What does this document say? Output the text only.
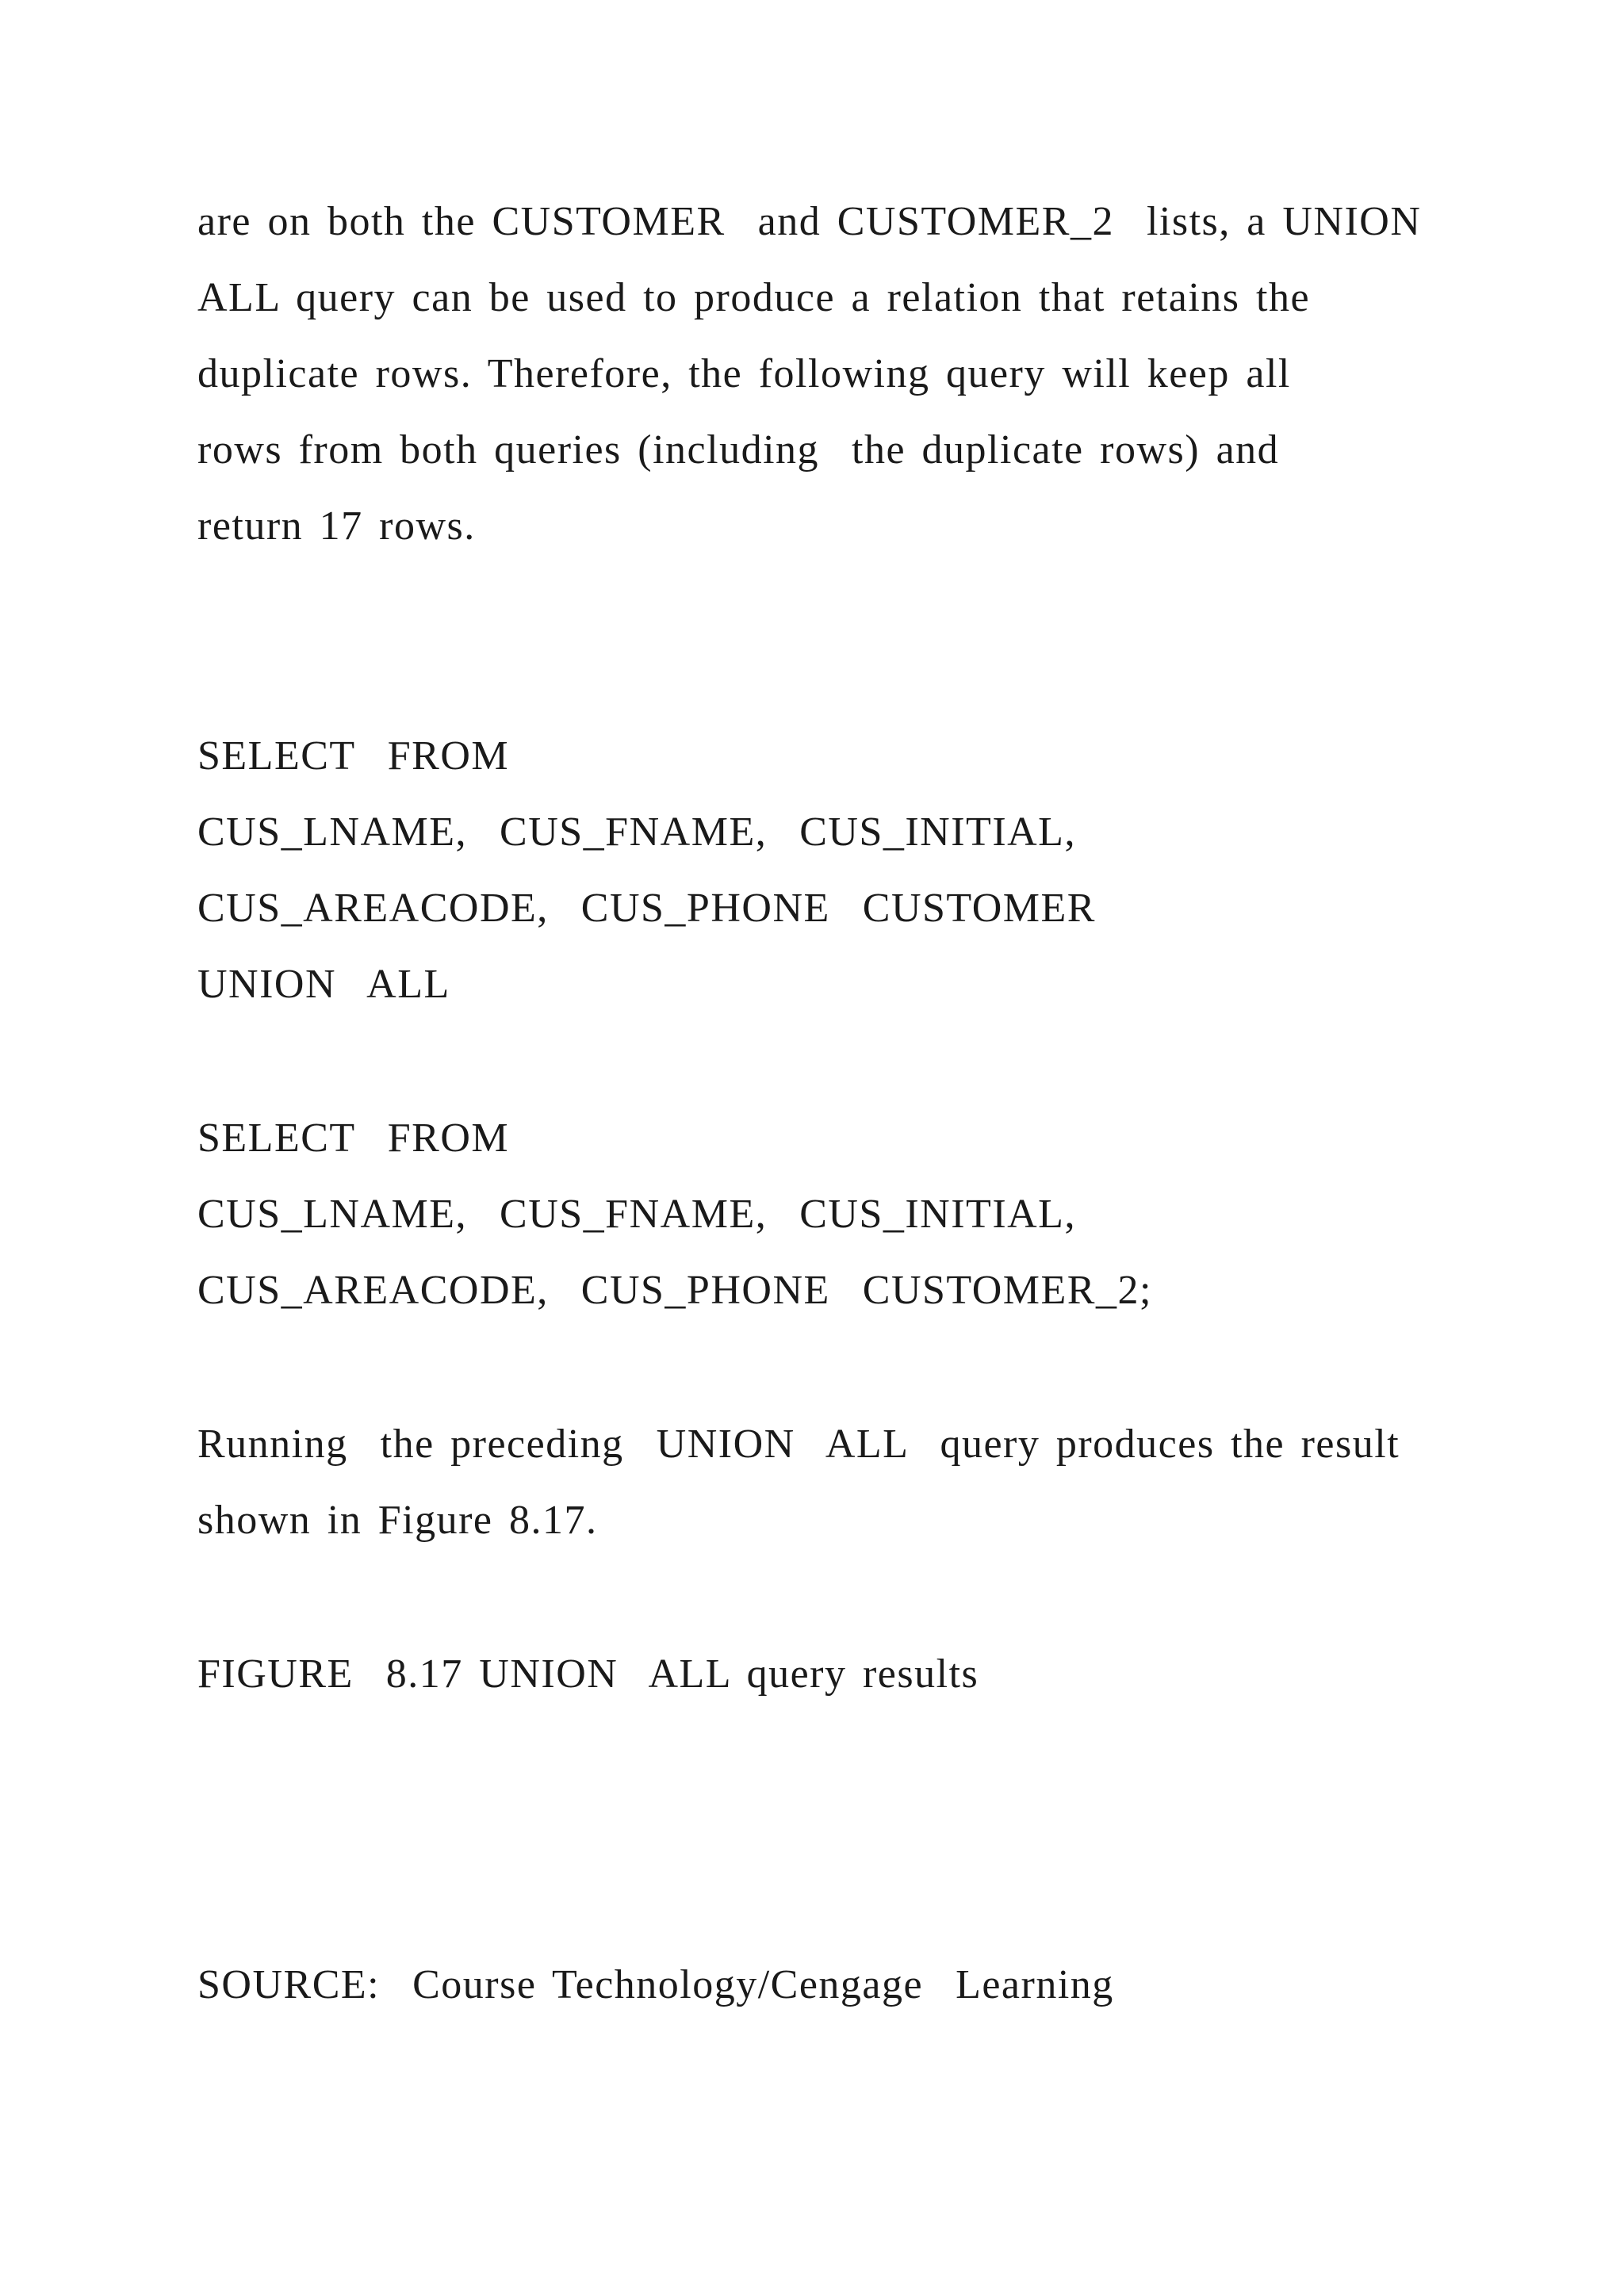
are on both the CUSTOMER  and CUSTOMER_2  lists, a UNION
ALL query can be used to produce a relation that retains the
duplicate rows. Therefore, the following query will keep all
rows from both queries (including  the duplicate rows) and
return 17 rows.
SELECT  FROM
CUS_LNAME,  CUS_FNAME,  CUS_INITIAL,
CUS_AREACODE,  CUS_PHONE  CUSTOMER
UNION  ALL
SELECT  FROM
CUS_LNAME,  CUS_FNAME,  CUS_INITIAL,
CUS_AREACODE,  CUS_PHONE  CUSTOMER_2;
Running  the preceding  UNION  ALL  query produces the result
shown in Figure 8.17.
FIGURE  8.17 UNION  ALL query results
SOURCE:  Course Technology/Cengage  Learning
